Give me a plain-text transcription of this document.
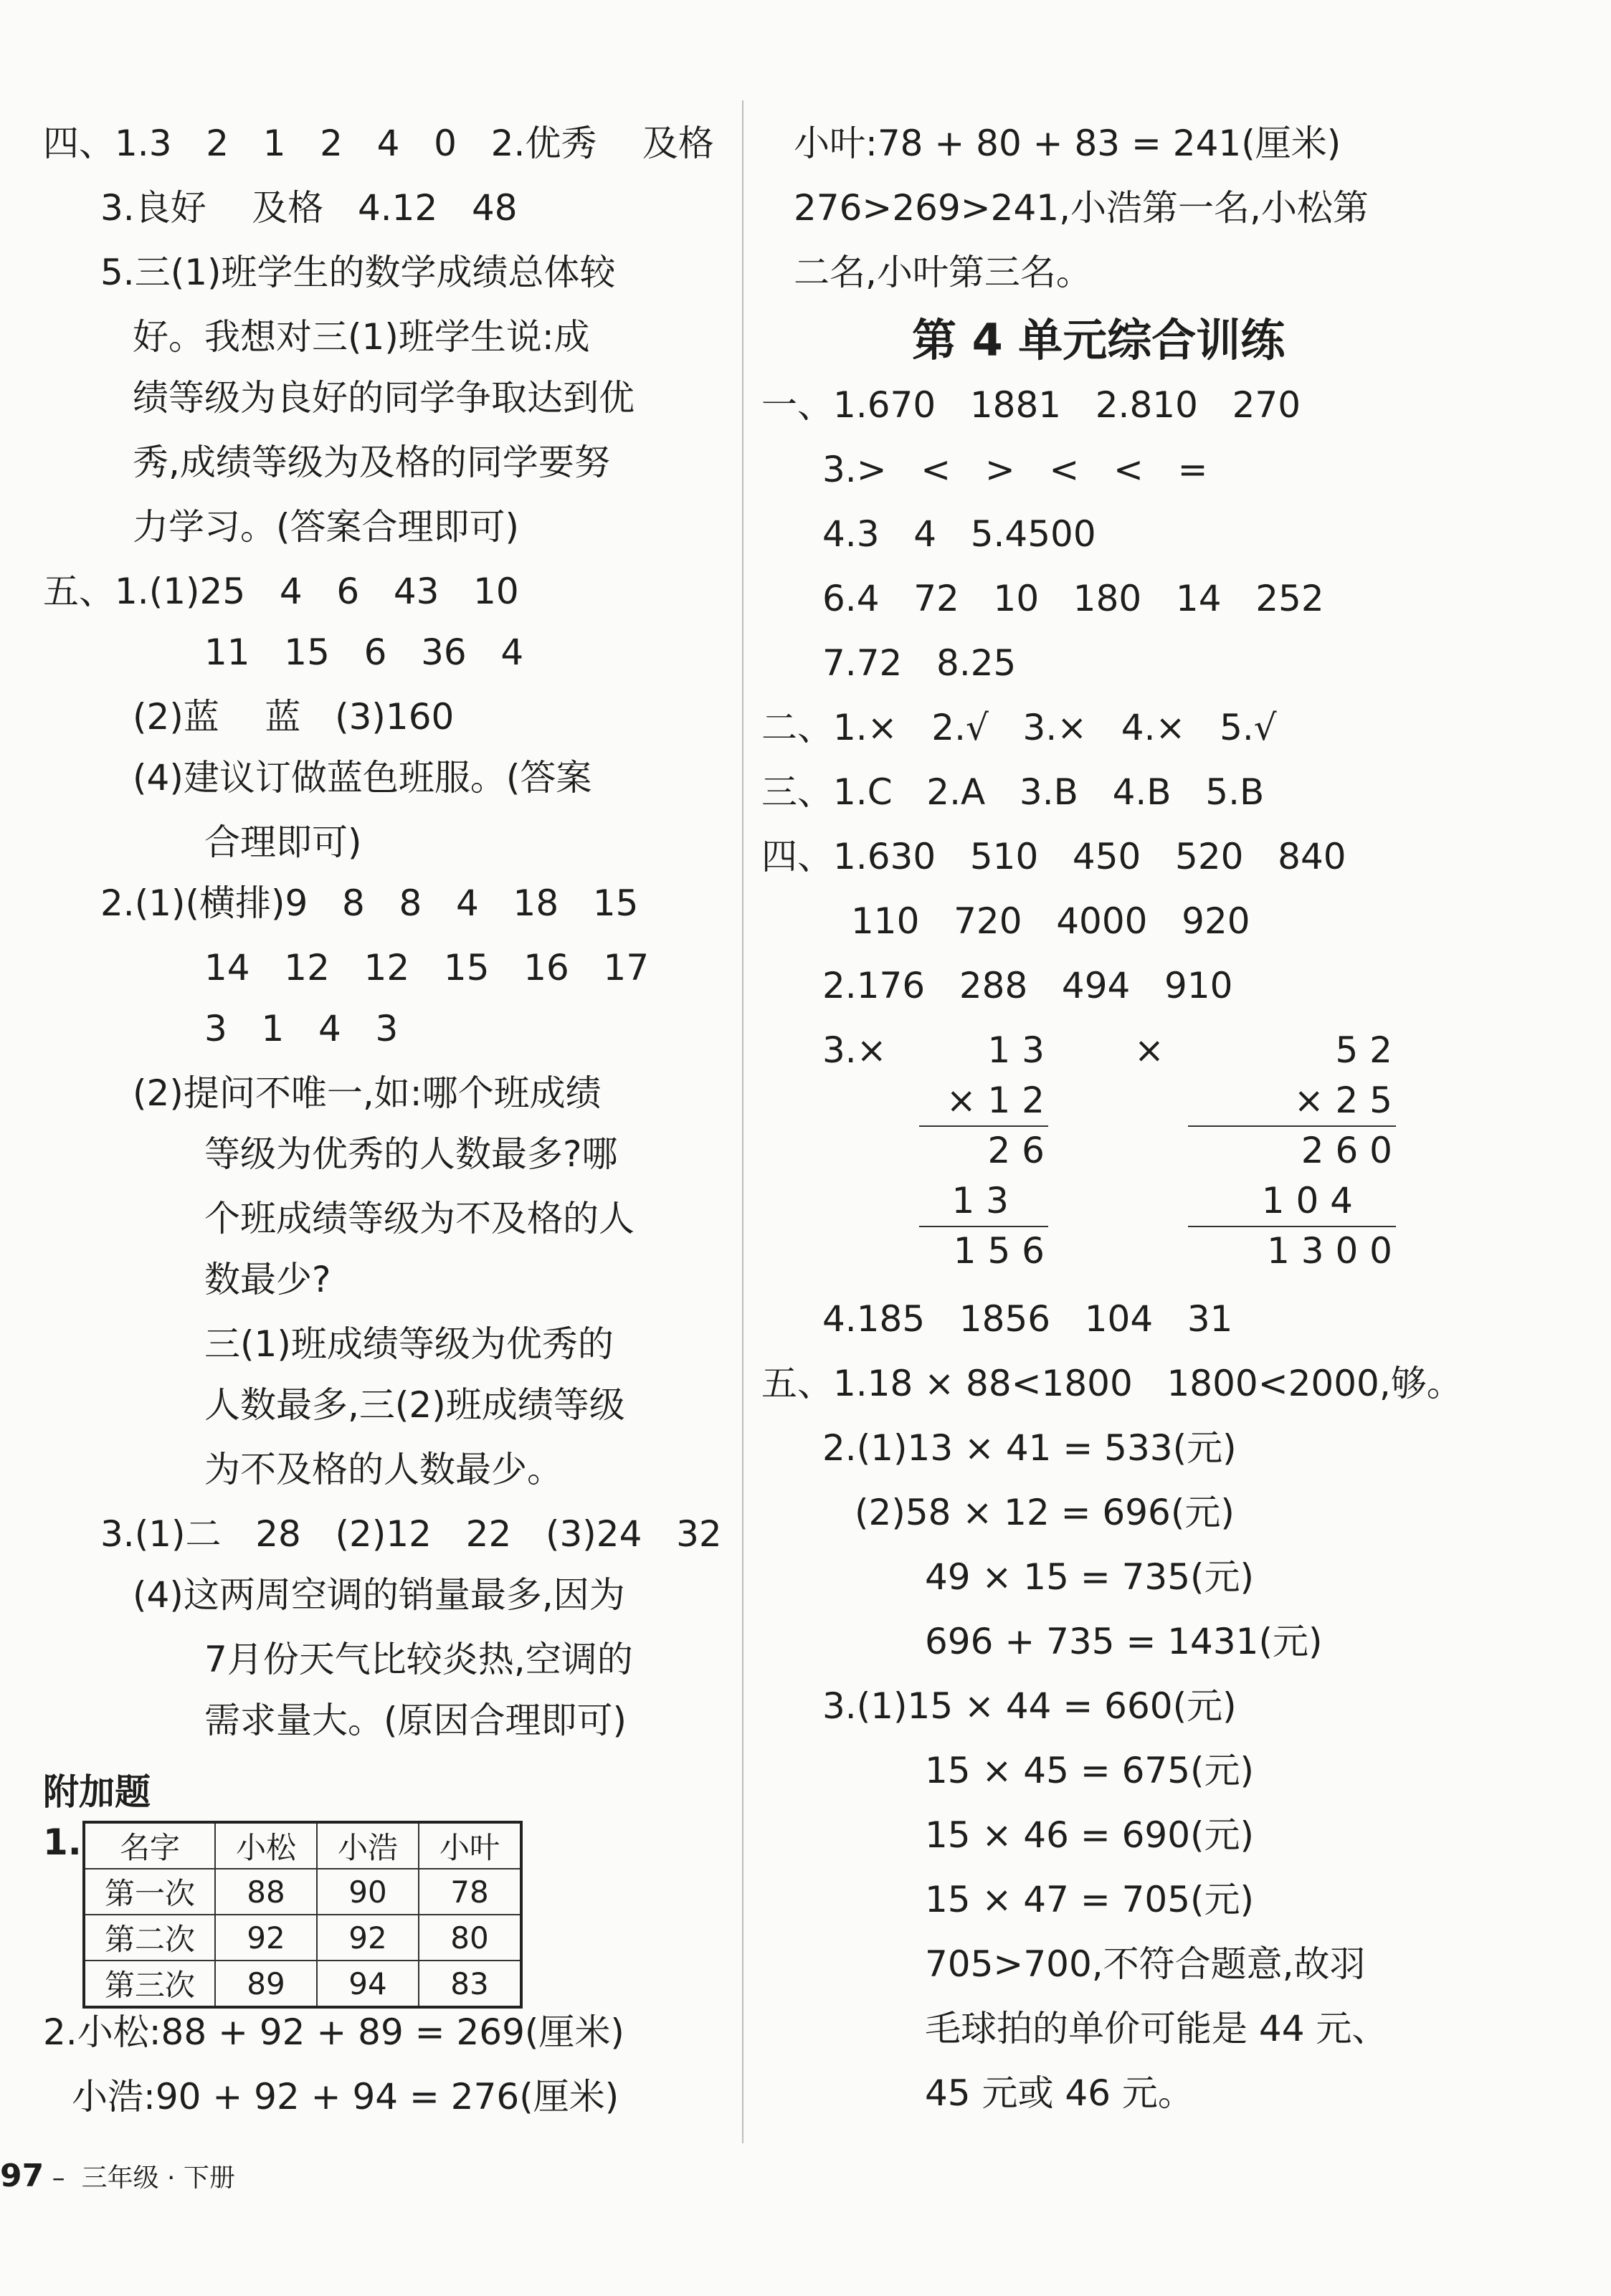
四、1.3   2   1   2   4   0   2.优秀    及格
3.良好    及格   4.12   48
5.三(1)班学生的数学成绩总体较
好。我想对三(1)班学生说:成
绩等级为良好的同学争取达到优
秀,成绩等级为及格的同学要努
力学习。(答案合理即可)
五、1.(1)25   4   6   43   10
11   15   6   36   4
(2)蓝    蓝   (3)160
(4)建议订做蓝色班服。(答案
合理即可)
2.(1)(横排)9   8   8   4   18   15
14   12   12   15   16   17
3   1   4   3
(2)提问不唯一,如:哪个班成绩
等级为优秀的人数最多?哪
个班成绩等级为不及格的人
数最少?
三(1)班成绩等级为优秀的
人数最多,三(2)班成绩等级
为不及格的人数最少。
3.(1)二   28   (2)12   22   (3)24   32
(4)这两周空调的销量最多,因为
7月份天气比较炎热,空调的
需求量大。(原因合理即可)
附加题
1. 名字	小松	小浩	小叶
第一次	88	90	78
第二次	92	92	80
第三次	89	94	83
2.小松:88 + 92 + 89 = 269(厘米)
小浩:90 + 92 + 94 = 276(厘米)
小叶:78 + 80 + 83 = 241(厘米)
276>269>241,小浩第一名,小松第
二名,小叶第三名。
第 4 单元综合训练
一、1.670   1881   2.810   270
3.>   <   >   <   <   =
4.3   4   5.4500
6.4   72   10   180   14   252
7.72   8.25
二、1.×   2.√   3.×   4.×   5.√
三、1.C   2.A   3.B   4.B   5.B
四、1.630   510   450   520   840
110   720   4000   920
2.176   288   494   910
3.×	×
1 3
× 1 2
2 6
1 3
1 5 6
5 2
× 2 5
2 6 0
1 0 4
1 3 0 0
4.185   1856   104   31
五、1.18 × 88<1800   1800<2000,够。
2.(1)13 × 41 = 533(元)
(2)58 × 12 = 696(元)
49 × 15 = 735(元)
696 + 735 = 1431(元)
3.(1)15 × 44 = 660(元)
15 × 45 = 675(元)
15 × 46 = 690(元)
15 × 47 = 705(元)
705>700,不符合题意,故羽
毛球拍的单价可能是 44 元、
45 元或 46 元。
97 –  三年级 · 下册
